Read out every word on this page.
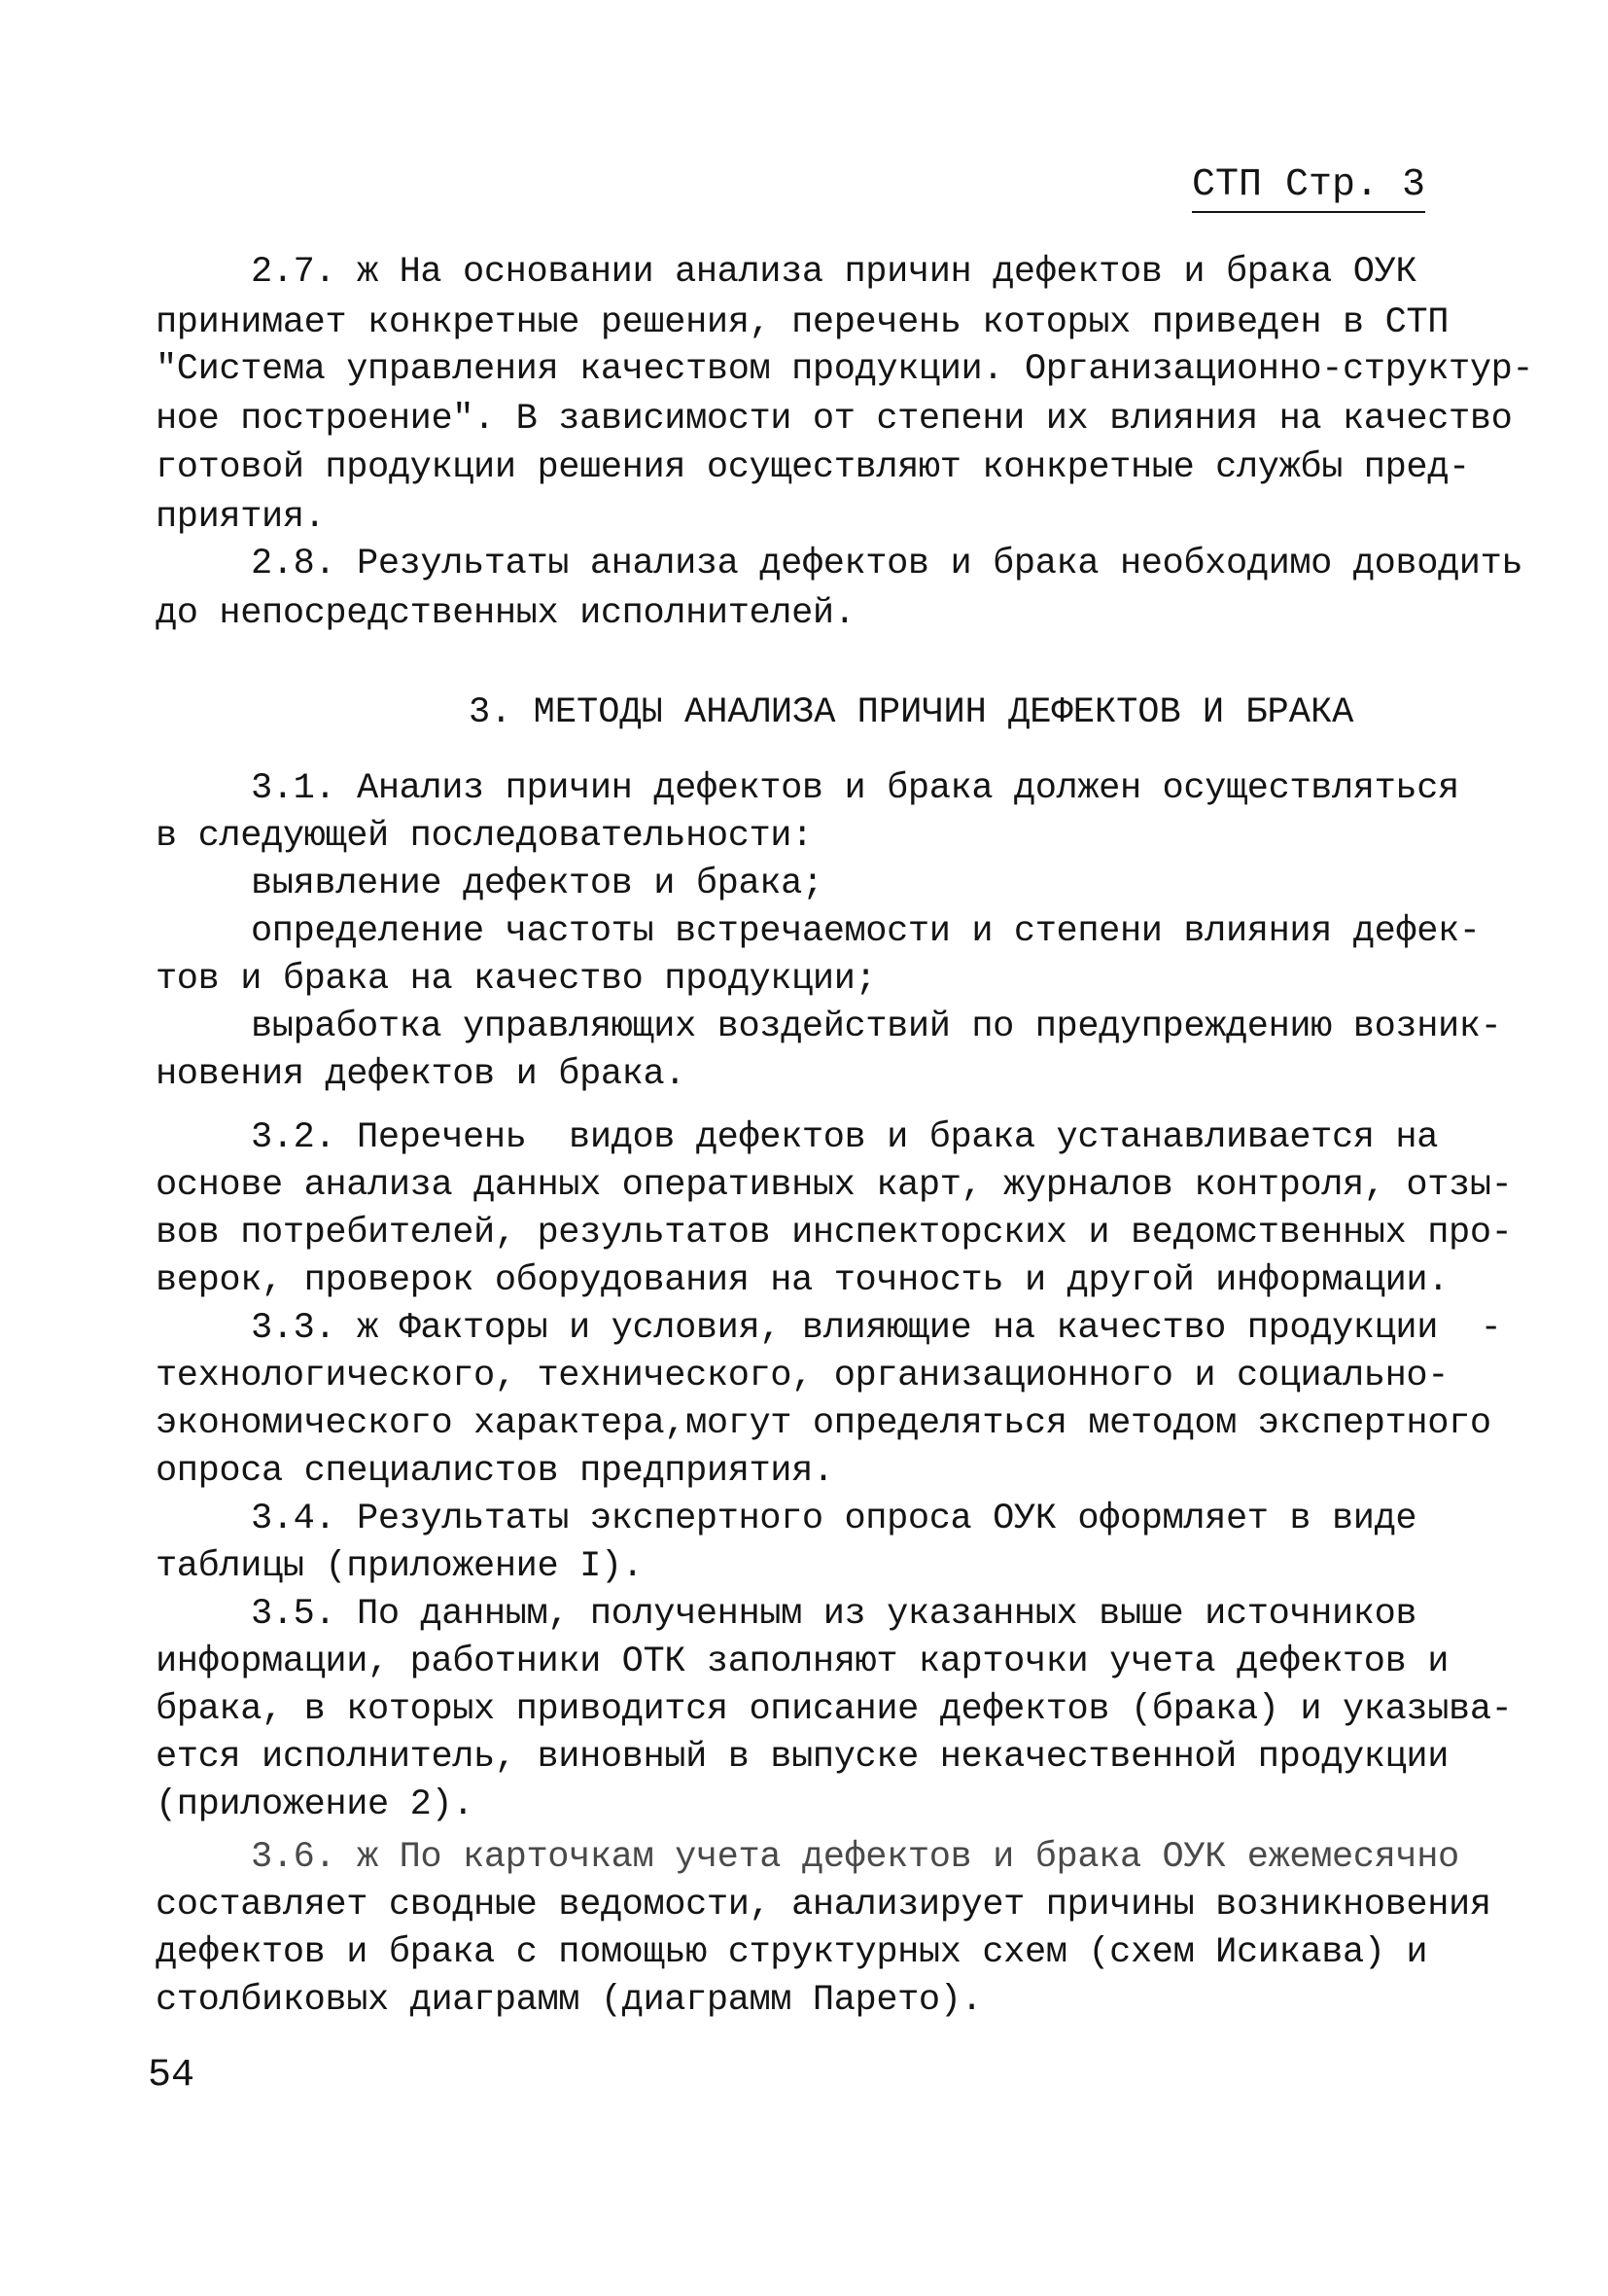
СТП Стр. 3
2.7. ж На основании анализа причин дефектов и брака ОУК
принимает конкретные решения, перечень которых приведен в СТП
"Система управления качеством продукции. Организационно-структур-
ное построение". В зависимости от степени их влияния на качество
готовой продукции решения осуществляют конкретные службы пред-
приятия.
2.8. Результаты анализа дефектов и брака необходимо доводить
до непосредственных исполнителей.
3. МЕТОДЫ АНАЛИЗА ПРИЧИН ДЕФЕКТОВ И БРАКА
3.1. Анализ причин дефектов и брака должен осуществляться
в следующей последовательности:
выявление дефектов и брака;
определение частоты встречаемости и степени влияния дефек-
тов и брака на качество продукции;
выработка управляющих воздействий по предупреждению возник-
новения дефектов и брака.
3.2. Перечень  видов дефектов и брака устанавливается на
основе анализа данных оперативных карт, журналов контроля, отзы-
вов потребителей, результатов инспекторских и ведомственных про-
верок, проверок оборудования на точность и другой информации.
3.3. ж Факторы и условия, влияющие на качество продукции  -
технологического, технического, организационного и социально-
экономического характера,могут определяться методом экспертного
опроса специалистов предприятия.
3.4. Результаты экспертного опроса ОУК оформляет в виде
таблицы (приложение I).
3.5. По данным, полученным из указанных выше источников
информации, работники ОТК заполняют карточки учета дефектов и
брака, в которых приводится описание дефектов (брака) и указыва-
ется исполнитель, виновный в выпуске некачественной продукции
(приложение 2).
3.6. ж По карточкам учета дефектов и брака ОУК ежемесячно
составляет сводные ведомости, анализирует причины возникновения
дефектов и брака с помощью структурных схем (схем Исикава) и
столбиковых диаграмм (диаграмм Парето).
54
